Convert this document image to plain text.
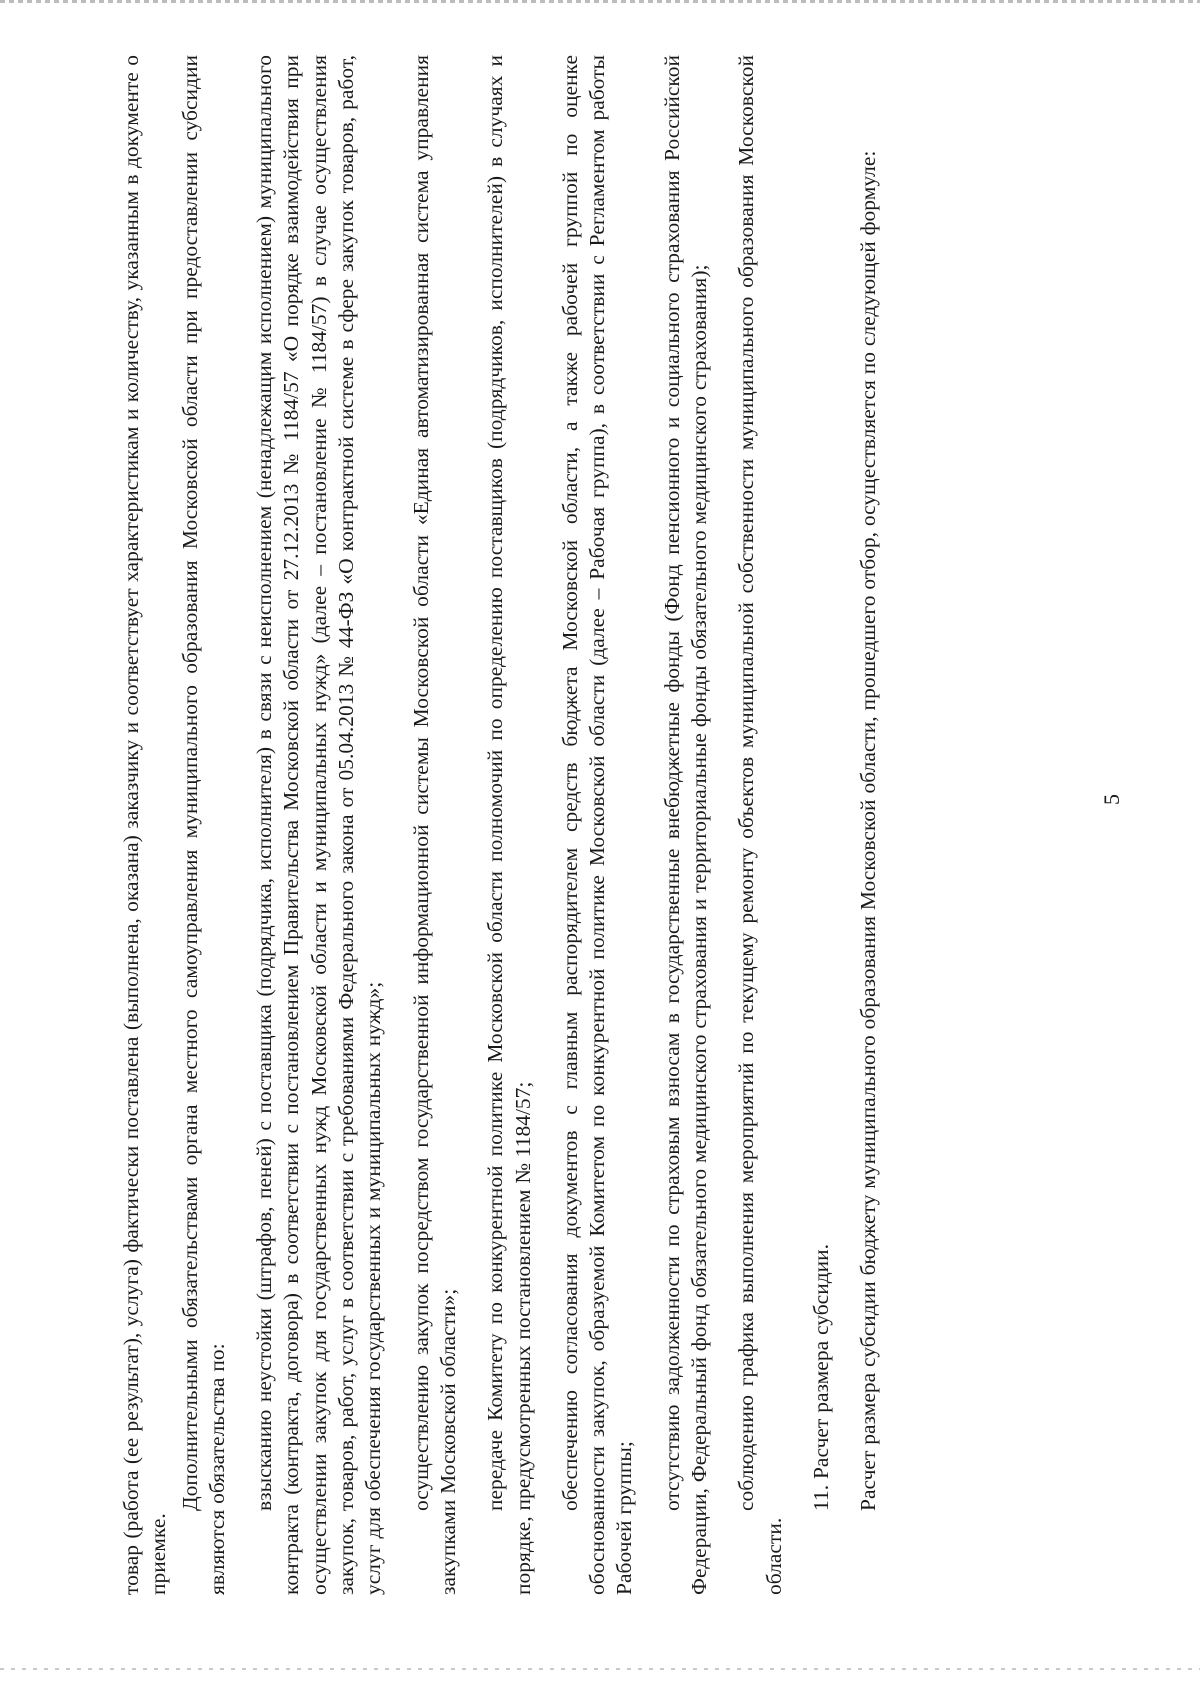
товар (работа (ее результат), услуга) фактически поставлена (выполнена, оказана) заказчику и соответствует характеристикам и количеству, указанным в документе о приемке.

Дополнительными обязательствами органа местного самоуправления муниципального образования Московской области при предоставлении субсидии являются обязательства по: взысканию неустойки (штрафов, пеней) с поставщика (подрядчика, исполнителя) в связи с неисполнением (ненадлежащим исполнением) муниципального контракта (контракта, договора) в соответствии с постановлением Правительства Московской области от 27.12.2013 № 1184/57 «О порядке взаимодействия при осуществлении закупок для государственных нужд Московской области и муниципальных нужд» (далее – постановление № 1184/57) в случае осуществления закупок, товаров, работ, услуг в соответствии с требованиями Федерального закона от 05.04.2013 № 44-ФЗ «О контрактной системе в сфере закупок товаров, работ, услуг для обеспечения государственных и муниципальных нужд»; осуществлению закупок посредством государственной информационной системы Московской области «Единая автоматизированная система управления закупками Московской области»; передаче Комитету по конкурентной политике Московской области полномочий по определению поставщиков (подрядчиков, исполнителей) в случаях и порядке, предусмотренных постановлением № 1184/57; обеспечению согласования документов с главным распорядителем средств бюджета Московской области, а также рабочей группой по оценке обоснованности закупок, образуемой Комитетом по конкурентной политике Московской области (далее – Рабочая группа), в соответствии с Регламентом работы Рабочей группы;

отсутствию задолженности по страховым взносам в государственные внебюджетные фонды (Фонд пенсионного и социального страхования Российской Федерации, Федеральный фонд обязательного медицинского страхования и территориальные фонды обязательного медицинского страхования); соблюдению графика выполнения мероприятий по текущему ремонту объектов муниципальной собственности муниципального образования Московской области.

11. Расчет размера субсидии. Расчет размера субсидии бюджету муниципального образования Московской области, прошедшего отбор, осуществляется по следующей формуле:	5
